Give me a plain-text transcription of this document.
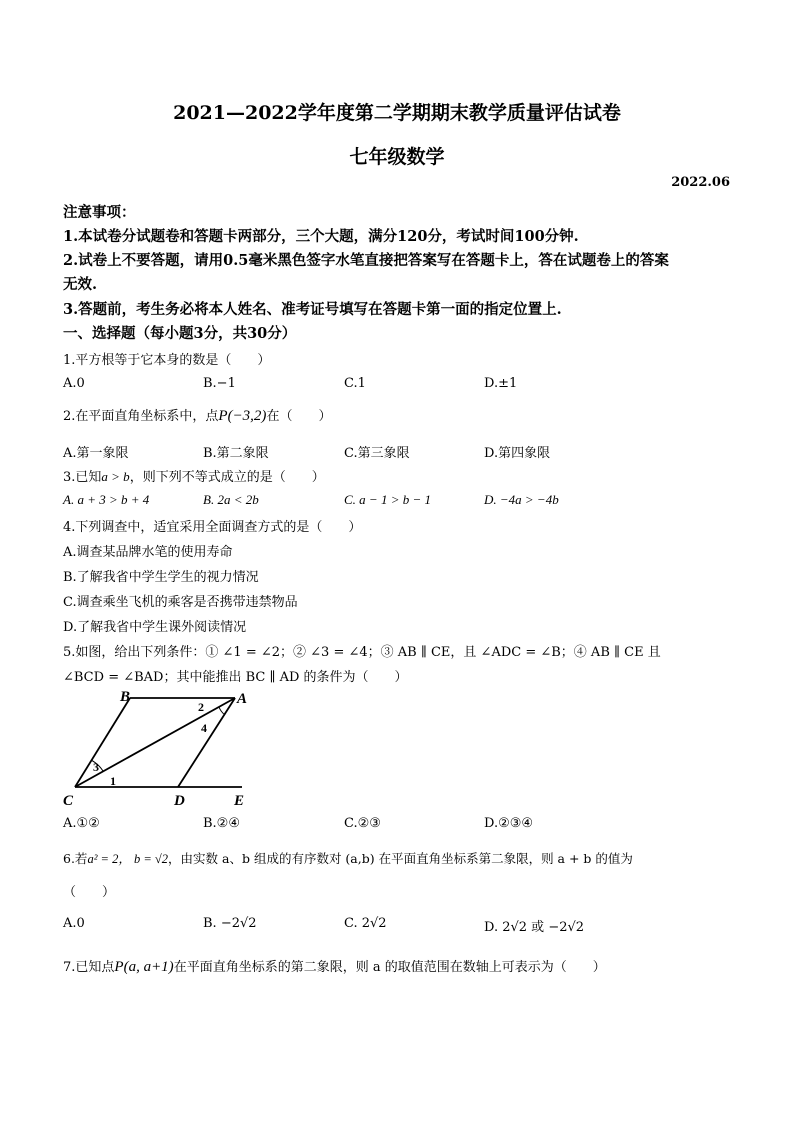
2021—2022学年度第二学期期末教学质量评估试卷
七年级数学
2022.06
注意事项：
1.本试卷分试题卷和答题卡两部分，三个大题，满分120分，考试时间100分钟.
2.试卷上不要答题，请用0.5毫米黑色签字水笔直接把答案写在答题卡上，答在试题卷上的答案
无效.
3.答题前，考生务必将本人姓名、准考证号填写在答题卡第一面的指定位置上.
一、选择题（每小题3分，共30分）
1.平方根等于它本身的数是（　　）
A.0	B.−1	C.1	D.±1
2.在平面直角坐标系中，点P(−3,2)在（　　）
A.第一象限	B.第二象限	C.第三象限	D.第四象限
3.已知a > b，则下列不等式成立的是（　　）
A. a + 3 > b + 4	B. 2a < 2b	C. a − 1 > b − 1	D. −4a > −4b
4.下列调查中，适宜采用全面调查方式的是（　　）
A.调查某品牌水笔的使用寿命
B.了解我省中学生学生的视力情况
C.调查乘坐飞机的乘客是否携带违禁物品
D.了解我省中学生课外阅读情况
5.如图，给出下列条件：① ∠1 = ∠2；② ∠3 = ∠4；③ AB ∥ CE，且 ∠ADC = ∠B；④ AB ∥ CE 且
∠BCD = ∠BAD；其中能推出 BC ∥ AD 的条件为（　　）
B	A
C	D	E
1
2
3
4
A.①②	B.②④	C.②③	D.②③④
6.若a² = 2， b = √2，由实数 a、b 组成的有序数对 (a,b) 在平面直角坐标系第二象限，则 a + b 的值为
（　　）
A.0	B. −2√2	C. 2√2	D. 2√2 或 −2√2
7.已知点P(a, a+1)在平面直角坐标系的第二象限，则 a 的取值范围在数轴上可表示为（　　）
